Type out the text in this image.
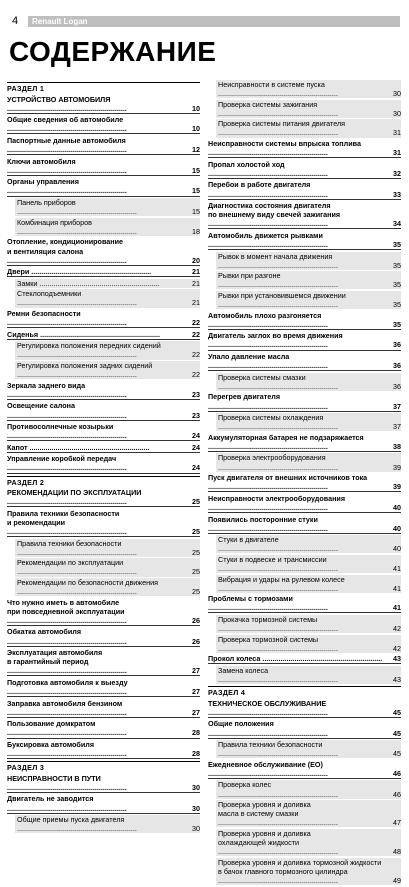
4 Renault Logan
СОДЕРЖАНИЕ
РАЗДЕЛ 1
УСТРОЙСТВО АВТОМОБИЛЯ ............................................................	10
Общие сведения об автомобиле ............................................................	10
Паспортные данные автомобиля ............................................................	12
Ключи автомобиля ............................................................	15
Органы управления ............................................................	15
Панель приборов ............................................................	15
Комбинация приборов ............................................................	18
Отопление, кондиционирование
и вентиляция салона ............................................................	20
Двери ............................................................	21
Замки ............................................................	21
Стеклоподъемники ............................................................	21
Ремни безопасности ............................................................	22
Сиденья ............................................................	22
Регулировка положения передних сидений ............................................................	22
Регулировка положения задних сидений ............................................................	22
Зеркала заднего вида ............................................................	23
Освещение салона ............................................................	23
Противосолнечные козырьки ............................................................	24
Капот ............................................................	24
Управление коробкой передач ............................................................	24
РАЗДЕЛ 2
РЕКОМЕНДАЦИИ ПО ЭКСПЛУАТАЦИИ ............................................................	25
Правила техники безопасности
и рекомендации ............................................................	25
Правила техники безопасности ............................................................	25
Рекомендации по эксплуатации ............................................................	25
Рекомендации по безопасности движения ............................................................	25
Что нужно иметь в автомобиле
при повседневной эксплуатации ............................................................	26
Обкатка автомобиля ............................................................	26
Эксплуатация автомобиля
в гарантийный период ............................................................	27
Подготовка автомобиля к выезду ............................................................	27
Заправка автомобиля бензином ............................................................	27
Пользование домкратом ............................................................	28
Буксировка автомобиля ............................................................	28
РАЗДЕЛ 3
НЕИСПРАВНОСТИ В ПУТИ ............................................................	30
Двигатель не заводится ............................................................	30
Общие приемы пуска двигателя ............................................................	30
Неисправности в системе пуска ............................................................	30
Проверка системы зажигания ............................................................	30
Проверка системы питания двигателя ............................................................	31
Неисправности системы впрыска топлива ............................................................	31
Пропал холостой ход ............................................................	32
Перебои в работе двигателя ............................................................	33
Диагностика состояния двигателя
по внешнему виду свечей зажигания ............................................................	34
Автомобиль движется рывками ............................................................	35
Рывок в момент начала движения ............................................................	35
Рывки при разгоне ............................................................	35
Рывки при установившемся движении ............................................................	35
Автомобиль плохо разгоняется ............................................................	35
Двигатель заглох во время движения ............................................................	36
Упало давление масла ............................................................	36
Проверка системы смазки ............................................................	36
Перегрев двигателя ............................................................	37
Проверка системы охлаждения ............................................................	37
Аккумуляторная батарея не подзаряжается ............................................................	38
Проверка электрооборудования ............................................................	39
Пуск двигателя от внешних источников тока ............................................................	39
Неисправности электрооборудования ............................................................	40
Появились посторонние стуки ............................................................	40
Стуки в двигателе ............................................................	40
Стуки в подвеске и трансмиссии ............................................................	41
Вибрация и удары на рулевом колесе ............................................................	41
Проблемы с тормозами ............................................................	41
Прокачка тормозной системы ............................................................	42
Проверка тормозной системы
............................................................	42
Прокол колеса ............................................................ 43
Замена колеса ............................................................	43
РАЗДЕЛ 4
ТЕХНИЧЕСКОЕ ОБСЛУЖИВАНИЕ ............................................................	45
Общие положения ............................................................	45
Правила техники безопасности ............................................................	45
Ежедневное обслуживание (ЕО) ............................................................	46
Проверка колес ............................................................	46
Проверка уровня и доливка
масла в систему смазки ............................................................	47
Проверка уровня и доливка
охлаждающей жидкости ............................................................	48
Проверка уровня и доливка тормозной жидкости
в бачок главного тормозного цилиндра ............................................................	49
